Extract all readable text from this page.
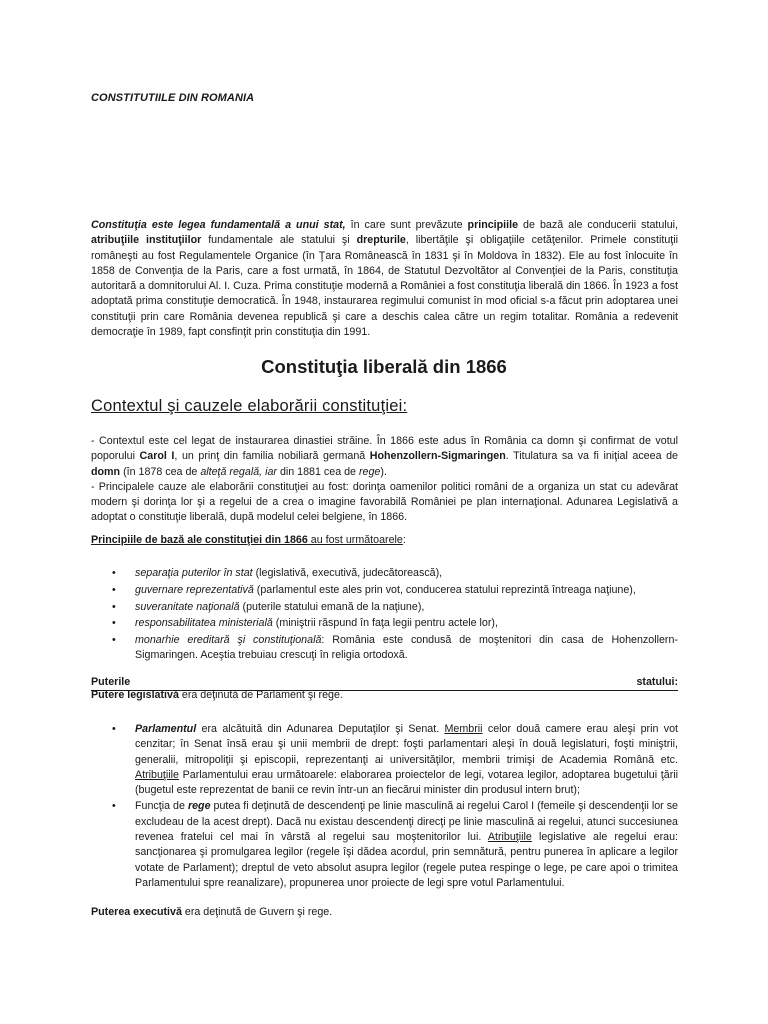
CONSTITUTIILE DIN ROMANIA
Constituţia este legea fundamentală a unui stat, în care sunt prevăzute principiile de bază ale conducerii statului, atribuţiile instituţiilor fundamentale ale statului şi drepturile, libertăţile şi obligaţiile cetăţenilor. Primele constituţii româneşti au fost Regulamentele Organice (în Ţara Românească în 1831 şi în Moldova în 1832). Ele au fost înlocuite în 1858 de Convenţia de la Paris, care a fost urmată, în 1864, de Statutul Dezvoltător al Convenţiei de la Paris, constituţia autoritară a domnitorului Al. I. Cuza. Prima constituţie modernă a României a fost constituţia liberală din 1866. În 1923 a fost adoptată prima constituţie democratică. În 1948, instaurarea regimului comunist în mod oficial s-a făcut prin adoptarea unei constituţii prin care România devenea republică şi care a deschis calea către un regim totalitar. România a redevenit democraţie în 1989, fapt consfinţit prin constituţia din 1991.
Constituţia liberală din 1866
Contextul şi cauzele elaborării constituţiei:

- Contextul este cel legat de instaurarea dinastiei străine. În 1866 este adus în România ca domn şi confirmat de votul poporului Carol I, un prinţ din familia nobiliară germană Hohenzollern-Sigmaringen. Titulatura sa va fi iniţial aceea de domn (în 1878 cea de alteţă regală, iar din 1881 cea de rege).

- Principalele cauze ale elaborării constituţiei au fost: dorinţa oamenilor politici români de a organiza un stat cu adevărat modern şi dorinţa lor şi a regelui de a crea o imagine favorabilă României pe plan internaţional. Adunarea Legislativă a adoptat o constituţie liberală, după modelul celei belgiene, în 1866.

Principiile de bază ale constituţiei din 1866 au fost următoarele:
• separaţia puterilor în stat (legislativă, executivă, judecătorească),
• guvernare reprezentativă (parlamentul este ales prin vot, conducerea statului reprezintă întreaga naţiune),
• suveranitate naţională (puterile statului emană de la naţiune),
• responsabilitatea ministerială (miniştrii răspund în faţa legii pentru actele lor),
• monarhie ereditară şi constituţională: România este condusă de moştenitori din casa de Hohenzollern-Sigmaringen. Aceştia trebuiau crescuţi în religia ortodoxă.
Puterile	statului:
Putere legislativă era deţinută de Parlament şi rege.
• Parlamentul era alcătuită din Adunarea Deputaţilor şi Senat. Membrii celor două camere erau aleşi prin vot cenzitar; în Senat însă erau şi unii membrii de drept: foşti parlamentari aleşi în două legislaturi, foşti miniştrii, generalii, mitropoliţii şi episcopii, reprezentanţi ai universităţilor, membrii trimişi de Academia Română etc. Atribuţiile Parlamentului erau următoarele: elaborarea proiectelor de legi, votarea legilor, adoptarea bugetului ţării (bugetul este reprezentat de banii ce revin într-un an fiecărui minister din produsul intern brut);
• Funcţia de rege putea fi deţinută de descendenţi pe linie masculină ai regelui Carol I (femeile şi descendenţii lor se excludeau de la acest drept). Dacă nu existau descendenţi direcţi pe linie masculină ai regelui, atunci succesiunea revenea fratelui cel mai în vârstă al regelui sau moştenitorilor lui. Atribuţiile legislative ale regelui erau: sancţionarea şi promulgarea legilor (regele îşi dădea acordul, prin semnătură, pentru punerea în aplicare a legilor votate de Parlament); dreptul de veto absolut asupra legilor (regele putea respinge o lege, pe care apoi o trimitea Parlamentului spre reanalizare), propunerea unor proiecte de legi spre votul Parlamentului.
Puterea executivă era deţinută de Guvern şi rege.
